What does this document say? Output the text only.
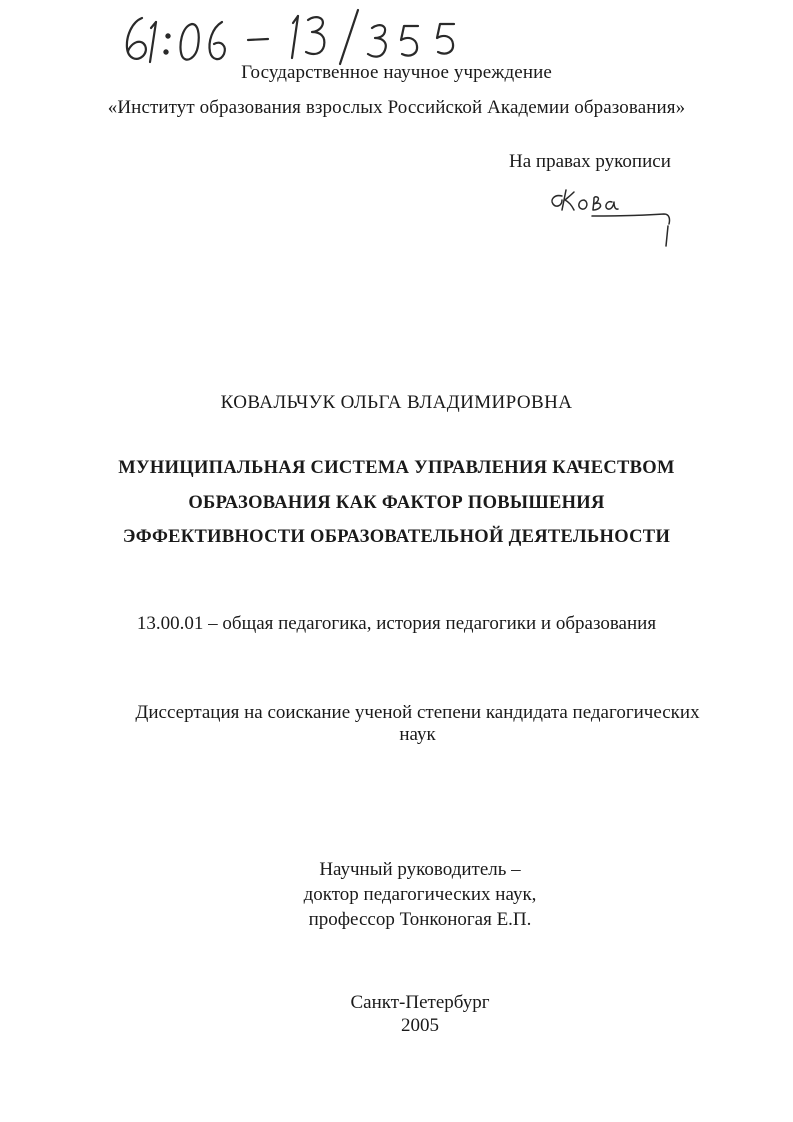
Государственное научное учреждение
«Институт образования взрослых Российской Академии образования»
На правах рукописи
КОВАЛЬЧУК ОЛЬГА ВЛАДИМИРОВНА
МУНИЦИПАЛЬНАЯ СИСТЕМА УПРАВЛЕНИЯ КАЧЕСТВОМ
ОБРАЗОВАНИЯ КАК ФАКТОР ПОВЫШЕНИЯ
ЭФФЕКТИВНОСТИ ОБРАЗОВАТЕЛЬНОЙ ДЕЯТЕЛЬНОСТИ
13.00.01 – общая педагогика, история педагогики и образования
Диссертация на соискание ученой степени кандидата педагогических наук
Научный руководитель –
доктор педагогических наук,
профессор Тонконогая Е.П.
Санкт-Петербург
2005
